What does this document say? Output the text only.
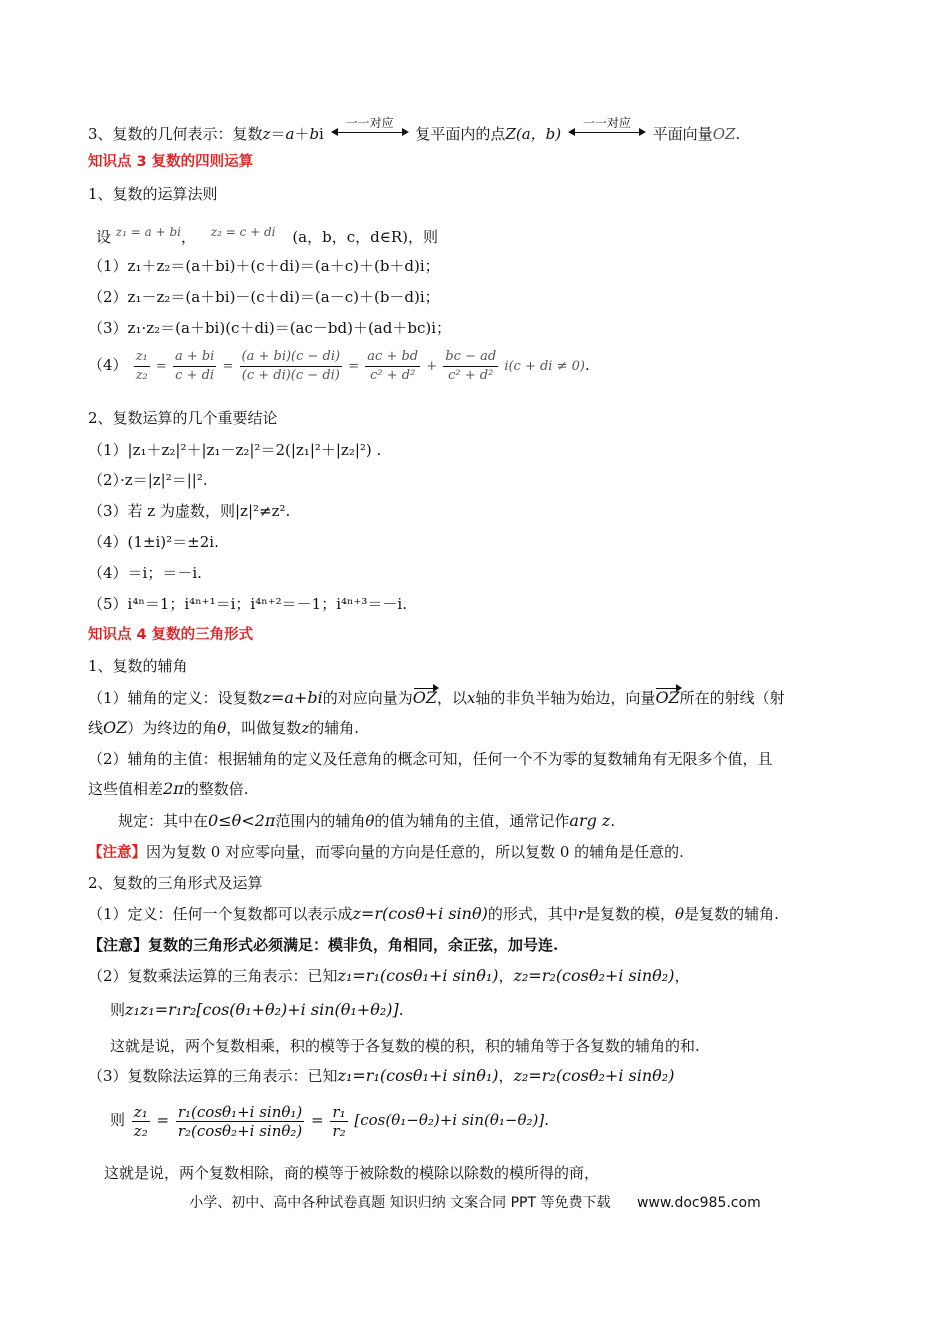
3、复数的几何表示：复数z＝a＋bi
一一对应
复平面内的点Z(a，b)
一一对应
平面向量OZ.
知识点 3 复数的四则运算
1、复数的运算法则
设 $^{z_1 = a + bi}$， $^{z_2 = c + di}$ (a，b，c，d∈R)，则
（1）z₁＋z₂＝(a＋bi)＋(c＋di)＝(a＋c)＋(b＋d)i；
（2）z₁－z₂＝(a＋bi)－(c＋di)＝(a－c)＋(b－d)i；
（3）z₁·z₂＝(a＋bi)(c＋di)＝(ac－bd)＋(ad＋bc)i；
$(4) \frac{\text{z₁}}{\text{z₂}} = \frac{a + bi}{c + di} = \frac{(a + bi)(c - di)}{(c + di)(c - di)} = \frac{ac + bd}{\text{c² + d²}} + \frac{bc - ad}{\text{c² + d²}} i(c$ + di ≠ 0).
2、复数运算的几个重要结论
（1）|z₁＋z₂|²＋|z₁－z₂|²＝2(|z₁|²＋|z₂|²) .
（2）·z＝|z|²＝||².
（3）若 z 为虚数，则|z|²≠z².
（4）(1±i)²＝±2i.
（4）＝i；＝－i.
（5）i⁴ⁿ＝1；i⁴ⁿ⁺¹＝i；i⁴ⁿ⁺²＝－1；i⁴ⁿ⁺³＝－i.
知识点 4 复数的三角形式
1、复数的辅角
（1）辅角的定义：设复数z=a+bi的对应向量为OZ，以x轴的非负半轴为始边，向量OZ所在的射线（射
线OZ）为终边的角θ，叫做复数z的辅角.
（2）辅角的主值：根据辅角的定义及任意角的概念可知，任何一个不为零的复数辅角有无限多个值，且
这些值相差2π的整数倍.
规定：其中在0≤θ<2π范围内的辅角θ的值为辅角的主值，通常记作arg z.
【注意】因为复数 0 对应零向量，而零向量的方向是任意的，所以复数 0 的辅角是任意的.
2、复数的三角形式及运算
（1）定义：任何一个复数都可以表示成z=r(cosθ+i sinθ)的形式，其中r是复数的模，θ是复数的辅角.
【注意】复数的三角形式必须满足：模非负，角相同，余正弦，加号连.
（2）复数乘法运算的三角表示：已知z₁=r₁(cosθ₁+i sinθ₁)，z₂=r₂(cosθ₂+i sinθ₂)，
则z₁z₁=r₁r₂[cos(θ₁+θ₂)+i sin(θ₁+θ₂)].
这就是说，两个复数相乘，积的模等于各复数的模的积，积的辅角等于各复数的辅角的和.
（3）复数除法运算的三角表示：已知z₁=r₁(cosθ₁+i sinθ₁)，z₂=r₂(cosθ₂+i sinθ₂)
则 $\frac{\text{z₁}}{\text{z₂}} = \frac{\text{r₁(cosθ₁+i sinθ₁)}}{\text{r₂(cosθ₂+i sinθ₂)}} = \frac{\text{r₁}}{\text{r₂}} [\cos(\theta_1-\theta_2)+i$ sin(θ₁−θ₂)].
这就是说，两个复数相除，商的模等于被除数的模除以除数的模所得的商，
小学、初中、高中各种试卷真题 知识归纳 文案合同 PPT 等免费下载 www.doc985.com
